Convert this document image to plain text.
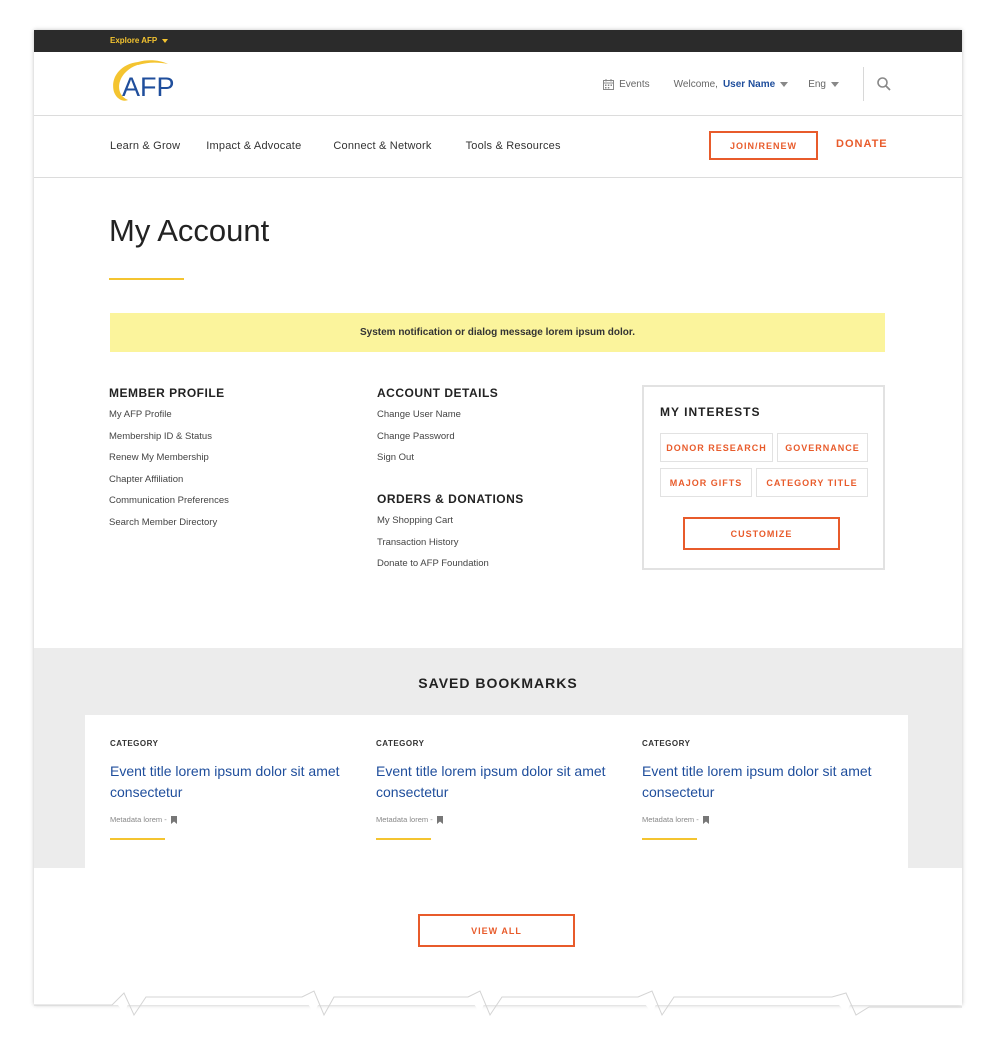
Explore AFP
AFP	Events Welcome, User Name	Eng
Learn & Grow Impact & Advocate	Connect & Network	Tools & Resources	JOIN/RENEW	DONATE
My Account
System notification or dialog message lorem ipsum dolor.
MEMBER PROFILE
My AFP Profile
Membership ID & Status
Renew My Membership
Chapter Affiliation
Communication Preferences
Search Member Directory
ACCOUNT DETAILS
Change User Name
Change Password
Sign Out
ORDERS & DONATIONS
My Shopping Cart
Transaction History
Donate to AFP Foundation
MY INTERESTS
DONOR RESEARCH	GOVERNANCE
MAJOR GIFTS	CATEGORY TITLE
CUSTOMIZE
SAVED BOOKMARKS
CATEGORY
Event title lorem ipsum dolor sit amet consectetur
Metadata lorem -
CATEGORY
Event title lorem ipsum dolor sit amet consectetur
Metadata lorem -
CATEGORY
Event title lorem ipsum dolor sit amet consectetur
Metadata lorem -
VIEW ALL
